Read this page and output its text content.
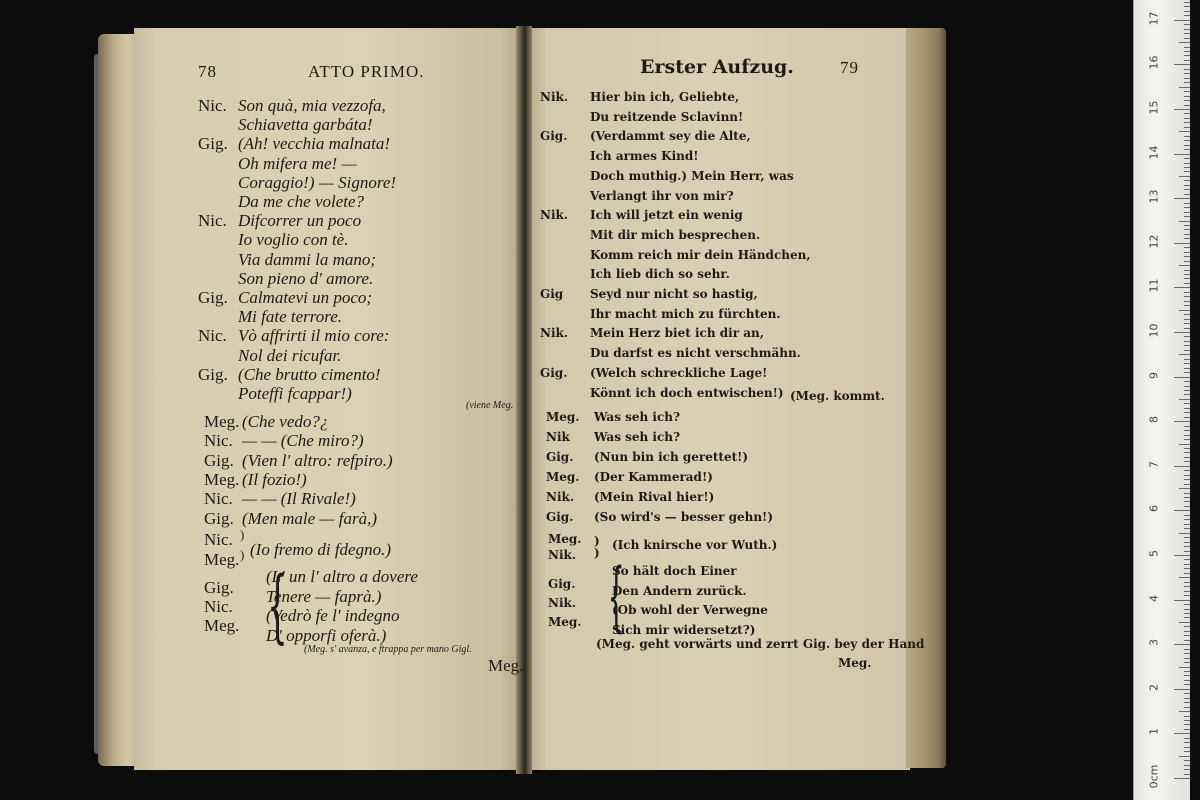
78	ATTO PRIMO.
Nic. Son quà, mia vezzofa,
Schiavetta garbáta!
Gig. (Ah! vecchia malnata!
Oh mifera me! —
Coraggio!) — Signore!
Da me che volete?
Nic. Difcorrer un poco
Io voglio con tè.
Via dammi la mano;
Son pieno d' amore.
Gig. Calmatevi un poco;
Mi fate terrore.
Nic. Vò affrirti il mio core:
Nol dei ricufar.
Gig. (Che brutto cimento!
Poteffi fcappar!)
(viene Meg.
Meg. (Che vedo?¿
Nic. — — (Che miro?)
Gig. (Vien l' altro: refpiro.)
Meg. (Il fozio!)
Nic. — — (Il Rivale!)
Gig. (Men male — farà,)
Nic.
Meg.
)
) (Io fremo di fdegno.)
Gig.
Nic.
Meg. {
(L' un l' altro a dovere
Tenere — faprà.)
(Vedrò fe l' indegno
D' opporfi oferà.)
(Meg. s' avanza, e ftrappa per mano Gigl.
Meg.
Erster Aufzug.	79
Nik. Hier bin ich, Geliebte,
Du reitzende Sclavinn!
Gig. (Verdammt sey die Alte,
Ich armes Kind!
Doch muthig.) Mein Herr, was
Verlangt ihr von mir?
Nik. Ich will jetzt ein wenig
Mit dir mich besprechen.
Komm reich mir dein Händchen,
Ich lieb dich so sehr.
Gig Seyd nur nicht so hastig,
Ihr macht mich zu fürchten.
Nik. Mein Herz biet ich dir an,
Du darfst es nicht verschmähn.
Gig. (Welch schreckliche Lage!
Könnt ich doch entwischen!) (Meg. kommt.
Meg. Was seh ich?
Nik Was seh ich?
Gig. (Nun bin ich gerettet!)
Meg. (Der Kammerad!)
Nik. (Mein Rival hier!)
Gig. (So wird's — besser gehn!)
Meg.
Nik.
)
)
(Ich knirsche vor Wuth.)
Gig.
Nik.
Meg. {
So hält doch Einer
Den Andern zurück.
(Ob wohl der Verwegne
Sich mir widersetzt?)
(Meg. geht vorwärts und zerrt Gig. bey der Hand
Meg.
17
16
15
14
13
12
11
10
9
8
7
6
5
4
3
2
1
0cm
